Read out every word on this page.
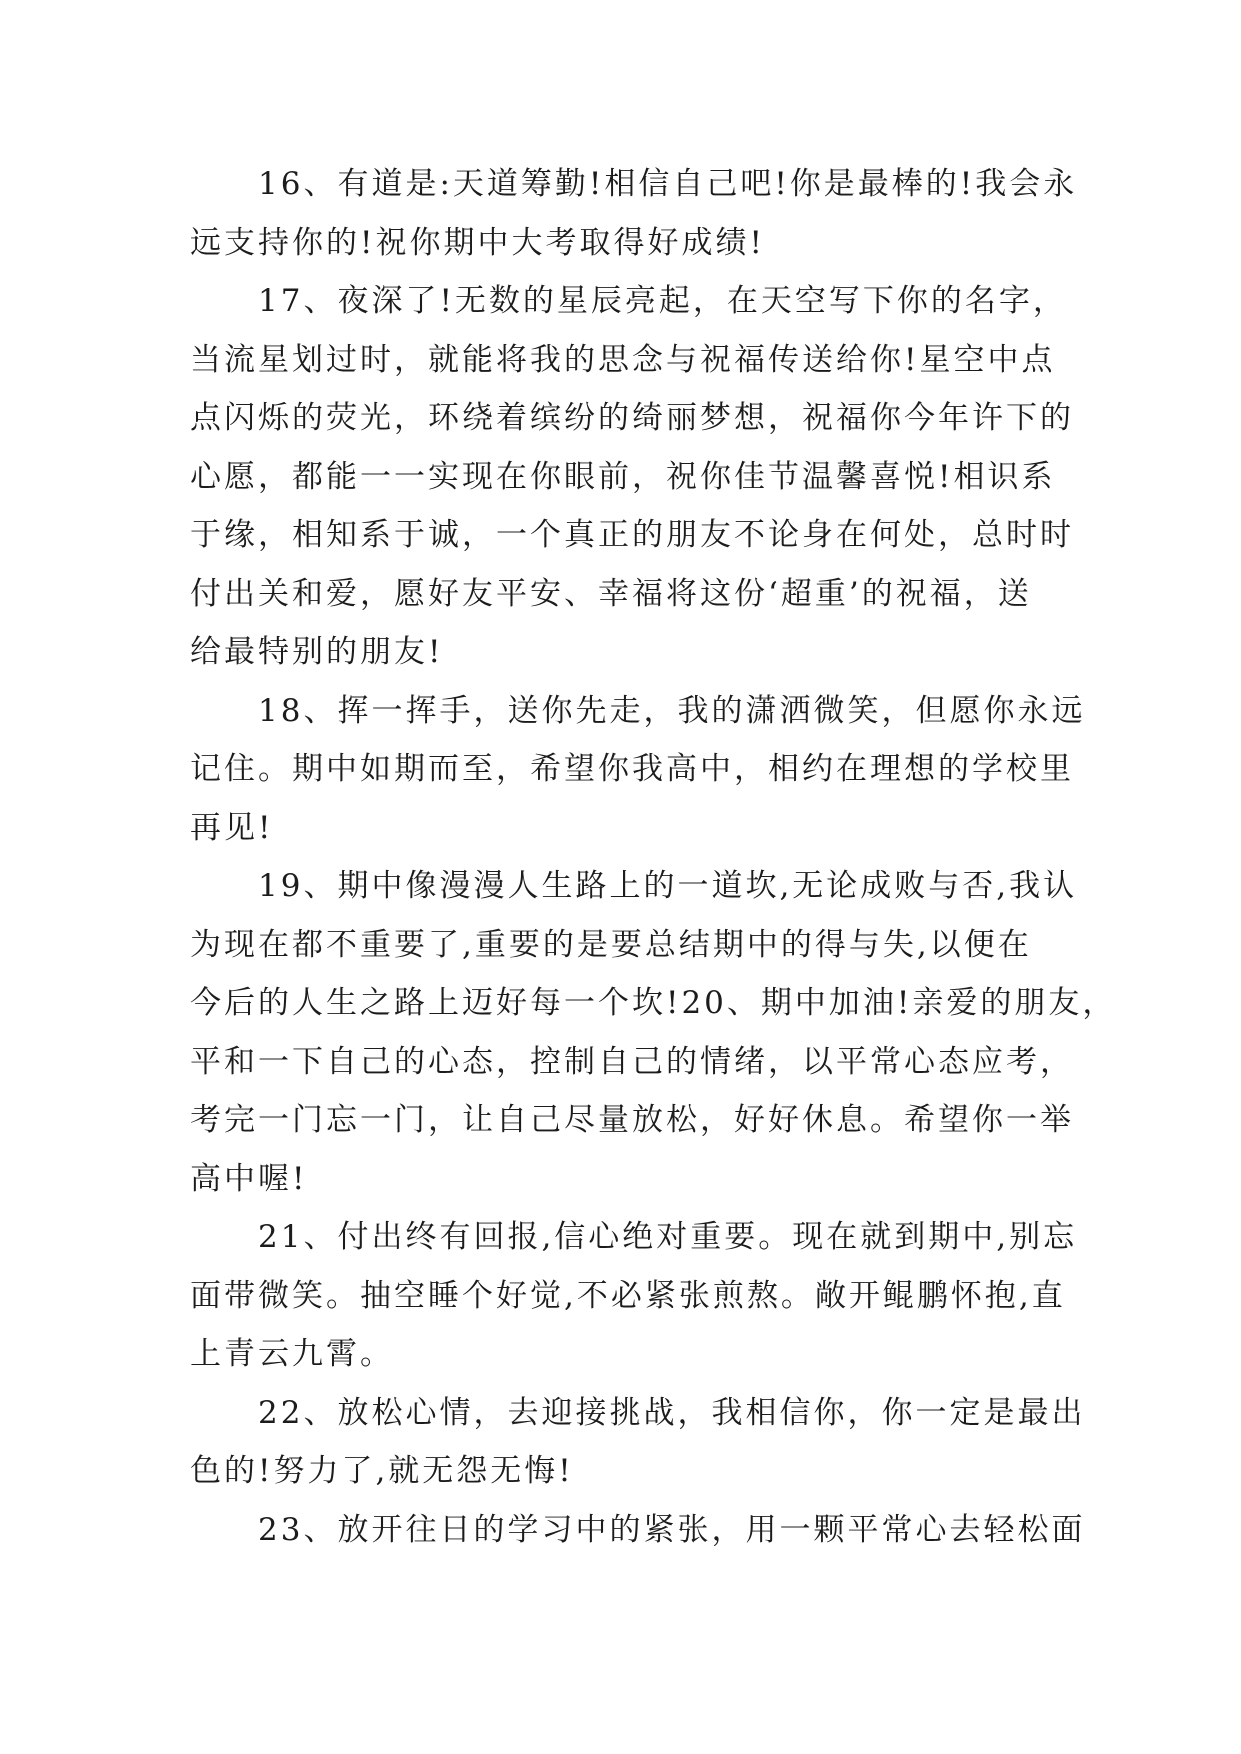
16、有道是:天道筹勤!相信自己吧!你是最棒的!我会永
远支持你的!祝你期中大考取得好成绩!
17、夜深了!无数的星辰亮起，在天空写下你的名字，
当流星划过时，就能将我的思念与祝福传送给你!星空中点
点闪烁的荧光，环绕着缤纷的绮丽梦想，祝福你今年许下的
心愿，都能一一实现在你眼前，祝你佳节温馨喜悦!相识系
于缘，相知系于诚，一个真正的朋友不论身在何处，总时时
付出关和爱，愿好友平安、幸福将这份‘超重’的祝福，送
给最特别的朋友!
18、挥一挥手，送你先走，我的潇洒微笑，但愿你永远
记住。期中如期而至，希望你我高中，相约在理想的学校里
再见!
19、期中像漫漫人生路上的一道坎,无论成败与否,我认
为现在都不重要了,重要的是要总结期中的得与失,以便在
今后的人生之路上迈好每一个坎!20、期中加油!亲爱的朋友，
平和一下自己的心态，控制自己的情绪，以平常心态应考，
考完一门忘一门，让自己尽量放松，好好休息。希望你一举
高中喔!
21、付出终有回报,信心绝对重要。现在就到期中,别忘
面带微笑。抽空睡个好觉,不必紧张煎熬。敞开鲲鹏怀抱,直
上青云九霄。
22、放松心情，去迎接挑战，我相信你，你一定是最出
色的!努力了,就无怨无悔!
23、放开往日的学习中的紧张，用一颗平常心去轻松面
